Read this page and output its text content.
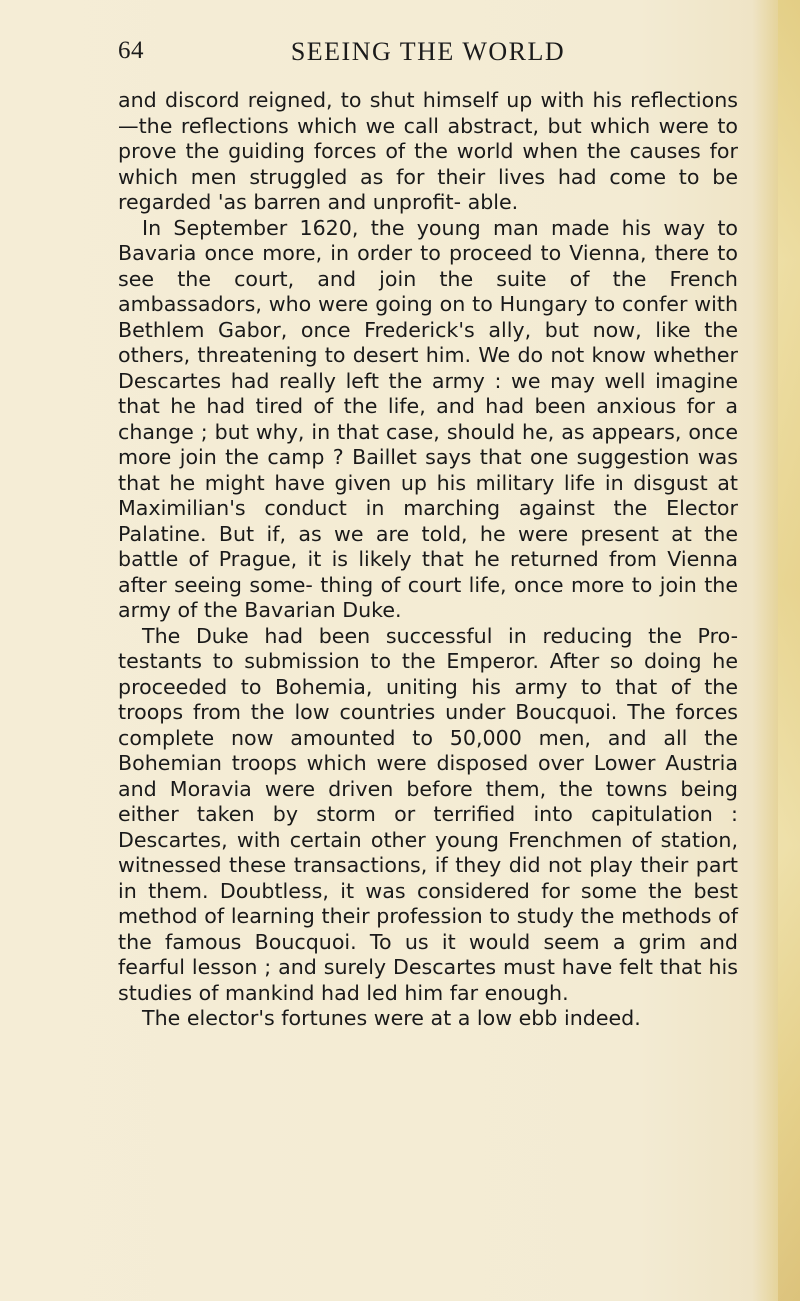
64	SEEING THE WORLD

and discord reigned, to shut himself up with his reflections—the reflections which we call abstract, but which were to prove the guiding forces of the world when the causes for which men struggled as for their lives had come to be regarded 'as barren and unprofit- able.

In September 1620, the young man made his way to Bavaria once more, in order to proceed to Vienna, there to see the court, and join the suite of the French ambassadors, who were going on to Hungary to confer with Bethlem Gabor, once Frederick's ally, but now, like the others, threatening to desert him. We do not know whether Descartes had really left the army : we may well imagine that he had tired of the life, and had been anxious for a change ; but why, in that case, should he, as appears, once more join the camp ? Baillet says that one suggestion was that he might have given up his military life in disgust at Maximilian's conduct in marching against the Elector Palatine. But if, as we are told, he were present at the battle of Prague, it is likely that he returned from Vienna after seeing some- thing of court life, once more to join the army of the Bavarian Duke.

The Duke had been successful in reducing the Pro- testants to submission to the Emperor. After so doing he proceeded to Bohemia, uniting his army to that of the troops from the low countries under Boucquoi. The forces complete now amounted to 50,000 men, and all the Bohemian troops which were disposed over Lower Austria and Moravia were driven before them, the towns being either taken by storm or terrified into capitulation : Descartes, with certain other young Frenchmen of station, witnessed these transactions, if they did not play their part in them. Doubtless, it was considered for some the best method of learning their profession to study the methods of the famous Boucquoi. To us it would seem a grim and fearful lesson ; and surely Descartes must have felt that his studies of mankind had led him far enough.

The elector's fortunes were at a low ebb indeed.
